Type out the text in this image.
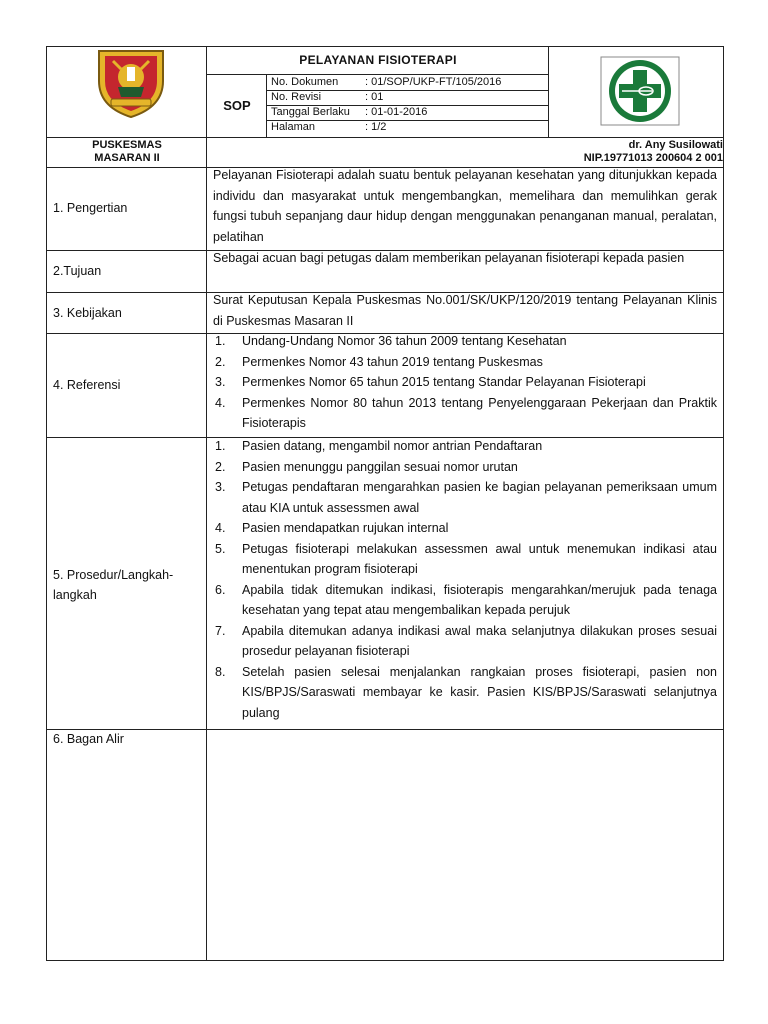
PELAYANAN FISIOTERAPI
SOP
No. Dokumen : 01/SOP/UKP-FT/105/2016
No. Revisi	: 01
Tanggal Berlaku : 01-01-2016
Halaman	: 1/2
PUSKESMAS
MASARAN II
dr. Any Susilowati
NIP.19771013 200604 2 001
1. Pengertian
Pelayanan Fisioterapi adalah suatu bentuk pelayanan kesehatan yang ditunjukkan kepada individu dan masyarakat untuk mengembangkan, memelihara dan memulihkan gerak fungsi tubuh sepanjang daur hidup dengan menggunakan penanganan manual, peralatan, pelatihan
2.Tujuan
Sebagai acuan bagi petugas dalam memberikan pelayanan fisioterapi kepada pasien
3. Kebijakan
Surat Keputusan Kepala Puskesmas No.001/SK/UKP/120/2019 tentang Pelayanan Klinis di Puskesmas Masaran II
4. Referensi
1. Undang-Undang Nomor 36 tahun 2009 tentang Kesehatan
2. Permenkes Nomor 43 tahun 2019 tentang Puskesmas
3. Permenkes Nomor 65 tahun 2015 tentang Standar Pelayanan Fisioterapi
4. Permenkes Nomor 80 tahun 2013 tentang Penyelenggaraan Pekerjaan dan Praktik Fisioterapis
5. Prosedur/Langkah-langkah
1. Pasien datang, mengambil nomor antrian Pendaftaran
2. Pasien menunggu panggilan sesuai nomor urutan
3. Petugas pendaftaran mengarahkan pasien ke bagian pelayanan pemeriksaan umum atau KIA untuk assessmen awal
4. Pasien mendapatkan rujukan internal
5. Petugas fisioterapi melakukan assessmen awal untuk menemukan indikasi atau menentukan program fisioterapi
6. Apabila tidak ditemukan indikasi, fisioterapis mengarahkan/merujuk pada tenaga kesehatan yang tepat atau mengembalikan kepada perujuk
7. Apabila ditemukan adanya indikasi awal maka selanjutnya dilakukan proses sesuai prosedur pelayanan fisioterapi
8. Setelah pasien selesai menjalankan rangkaian proses fisioterapi, pasien non KIS/BPJS/Saraswati membayar ke kasir. Pasien KIS/BPJS/Saraswati selanjutnya pulang
6. Bagan Alir
